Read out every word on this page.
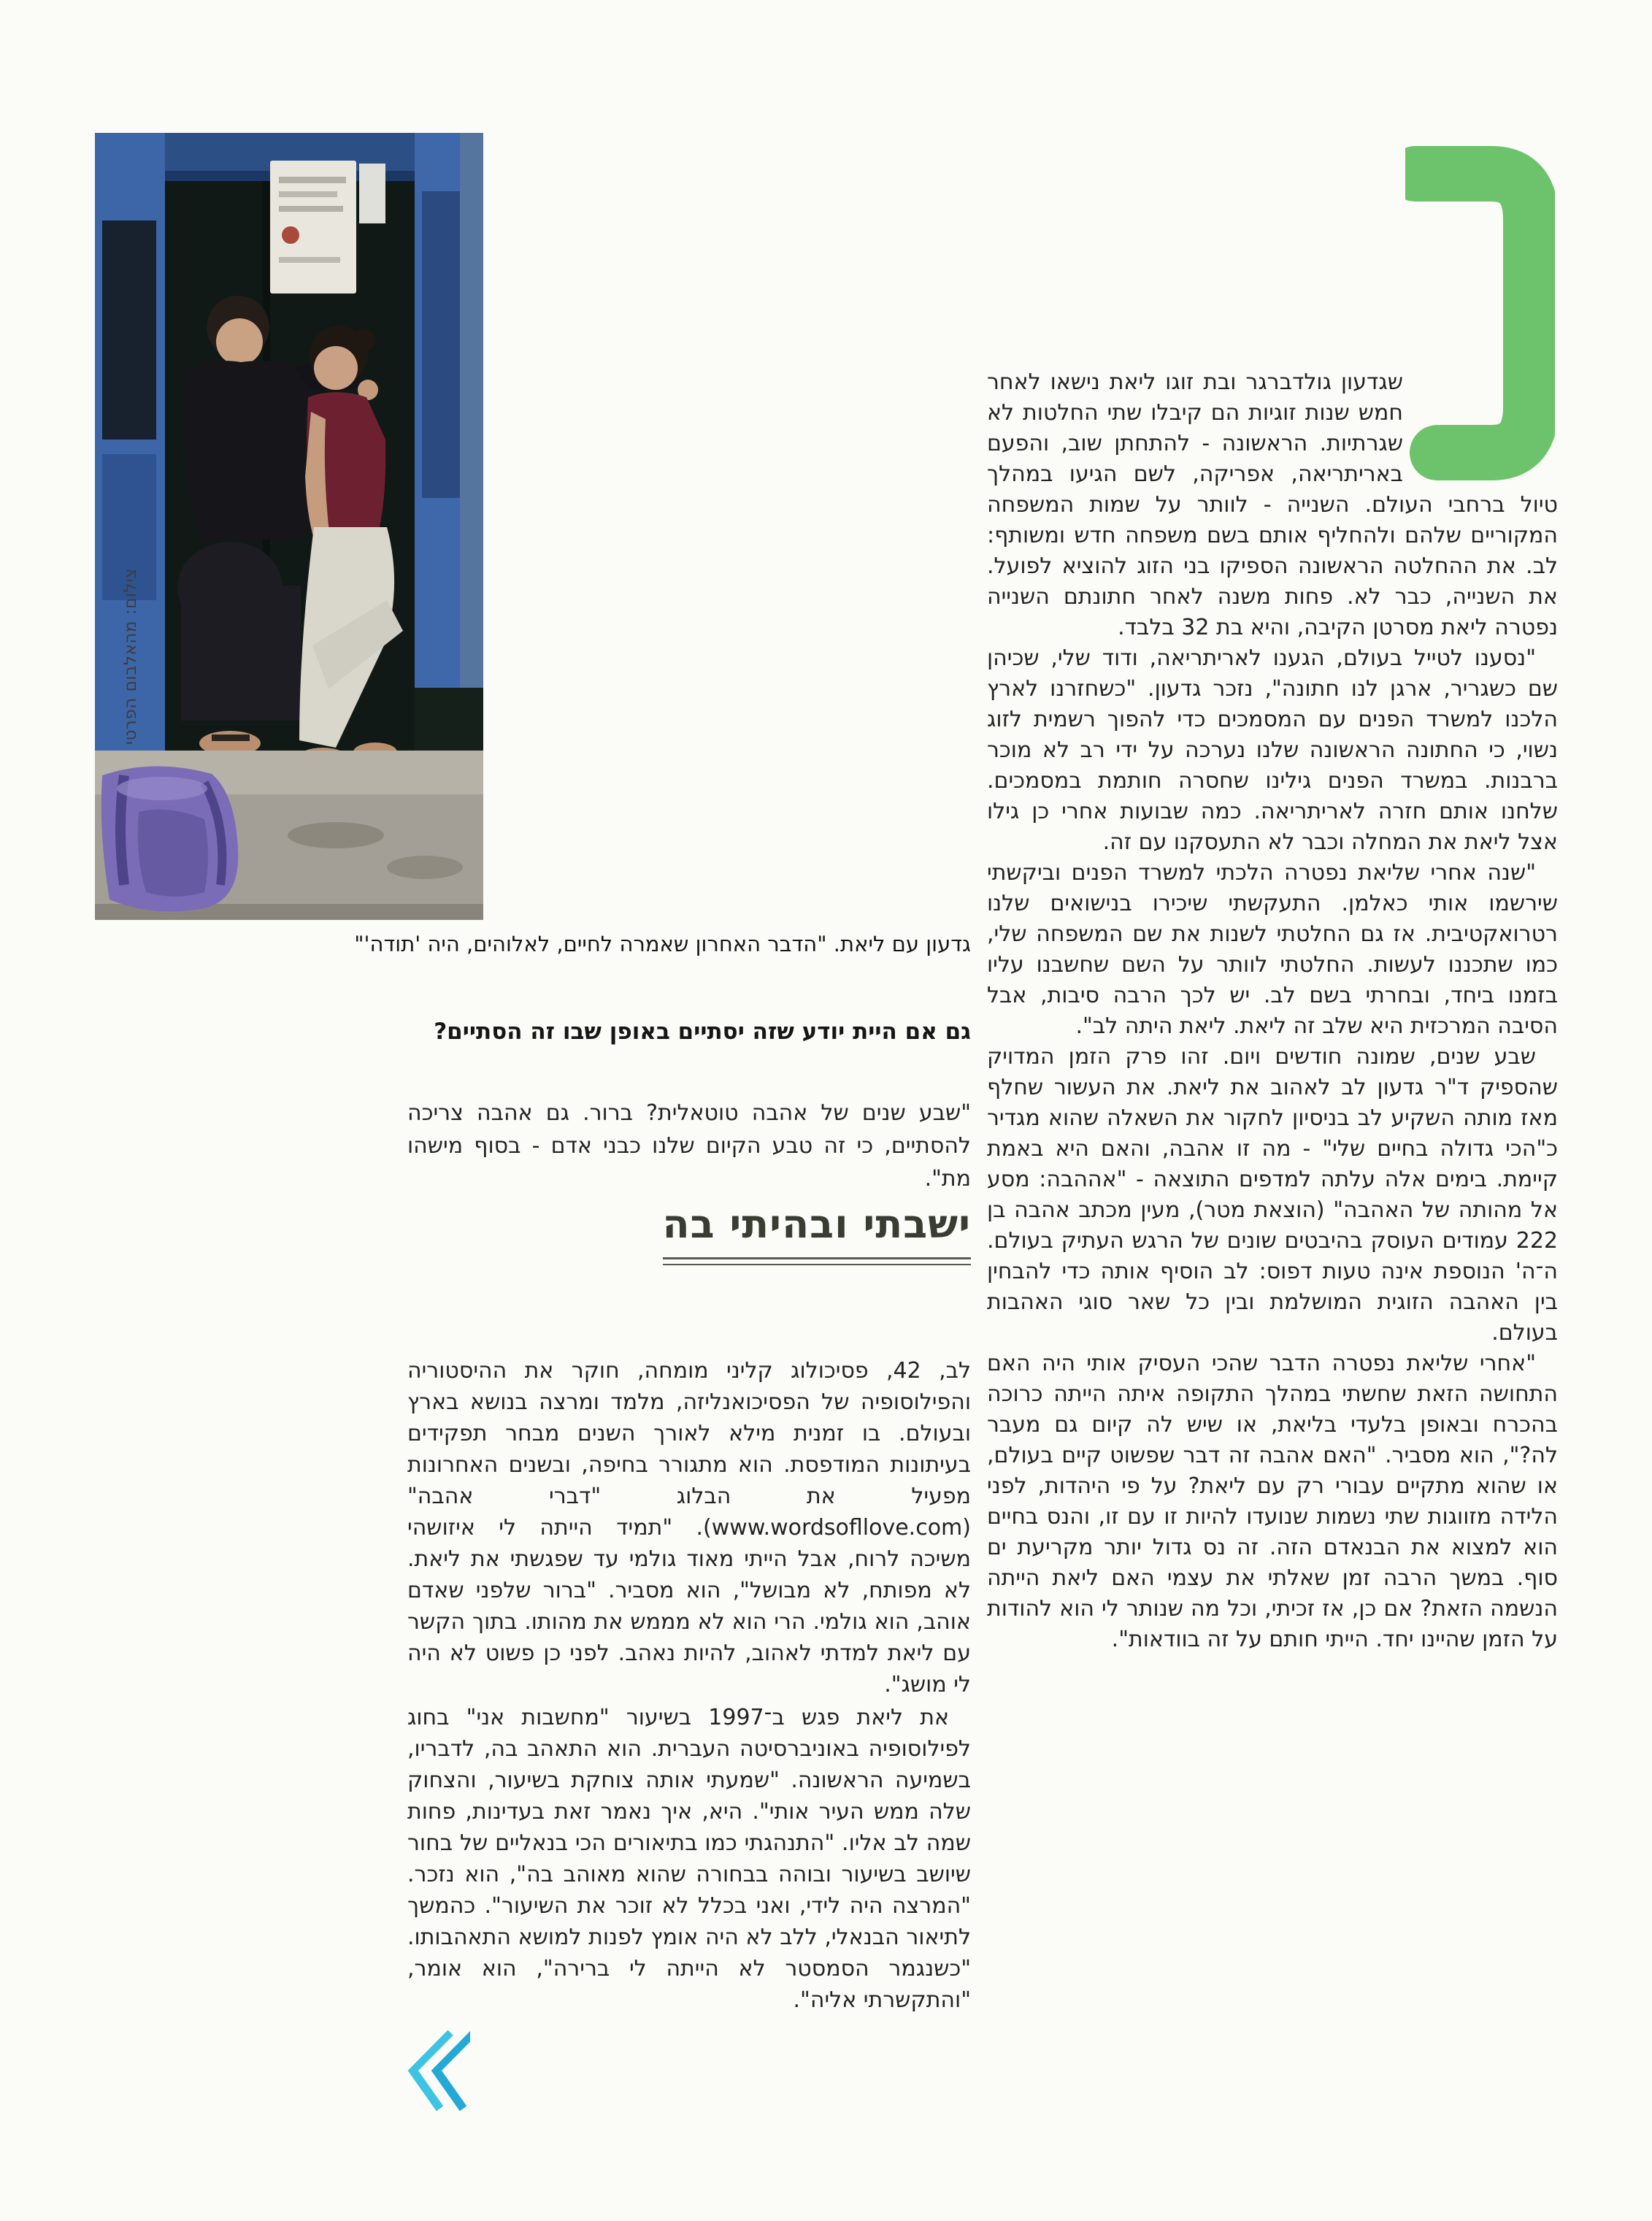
צילום: מהאלבום הפרטי
גדעון עם ליאת. "הדבר האחרון שאמרה לחיים, לאלוהים, היה 'תודה'"

שגדעון גולדברגר ובת זוגו ליאת נישאו לאחר חמש שנות זוגיות הם קיבלו שתי החלטות לא שגרתיות. הראשונה - להתחתן שוב, והפעם באריתריאה, אפריקה, לשם הגיעו במהלך טיול ברחבי העולם. השנייה - לוותר על שמות המשפחה המקוריים שלהם ולהחליף אותם בשם משפחה חדש ומשותף: לב. את ההחלטה הראשונה הספיקו בני הזוג להוציא לפועל. את השנייה, כבר לא. פחות משנה לאחר חתונתם השנייה נפטרה ליאת מסרטן הקיבה, והיא בת 32 בלבד.

"נסענו לטייל בעולם, הגענו לאריתריאה, ודוד שלי, שכיהן שם כשגריר, ארגן לנו חתונה", נזכר גדעון. "כשחזרנו לארץ הלכנו למשרד הפנים עם המסמכים כדי להפוך רשמית לזוג נשוי, כי החתונה הראשונה שלנו נערכה על ידי רב לא מוכר ברבנות. במשרד הפנים גילינו שחסרה חותמת במסמכים. שלחנו אותם חזרה לאריתריאה. כמה שבועות אחרי כן גילו אצל ליאת את המחלה וכבר לא התעסקנו עם זה.

"שנה אחרי שליאת נפטרה הלכתי למשרד הפנים וביקשתי שירשמו אותי כאלמן. התעקשתי שיכירו בנישואים שלנו רטרואקטיבית. אז גם החלטתי לשנות את שם המשפחה שלי, כמו שתכננו לעשות. החלטתי לוותר על השם שחשבנו עליו בזמנו ביחד, ובחרתי בשם לב. יש לכך הרבה סיבות, אבל הסיבה המרכזית היא שלב זה ליאת. ליאת היתה לב".

שבע שנים, שמונה חודשים ויום. זהו פרק הזמן המדויק שהספיק ד"ר גדעון לב לאהוב את ליאת. את העשור שחלף מאז מותה השקיע לב בניסיון לחקור את השאלה שהוא מגדיר כ"הכי גדולה בחיים שלי" - מה זו אהבה, והאם היא באמת קיימת. בימים אלה עלתה למדפים התוצאה - "אההבה: מסע אל מהותה של האהבה" (הוצאת מטר), מעין מכתב אהבה בן 222 עמודים העוסק בהיבטים שונים של הרגש העתיק בעולם. ה־ה' הנוספת אינה טעות דפוס: לב הוסיף אותה כדי להבחין בין האהבה הזוגית המושלמת ובין כל שאר סוגי האהבות בעולם.

"אחרי שליאת נפטרה הדבר שהכי העסיק אותי היה האם התחושה הזאת שחשתי במהלך התקופה איתה הייתה כרוכה בהכרח ובאופן בלעדי בליאת, או שיש לה קיום גם מעבר לה?", הוא מסביר. "האם אהבה זה דבר שפשוט קיים בעולם, או שהוא מתקיים עבורי רק עם ליאת? על פי היהדות, לפני הלידה מזווגות שתי נשמות שנועדו להיות זו עם זו, והנס בחיים הוא למצוא את הבנאדם הזה. זה נס גדול יותר מקריעת ים סוף. במשך הרבה זמן שאלתי את עצמי האם ליאת הייתה הנשמה הזאת? אם כן, אז זכיתי, וכל מה שנותר לי הוא להודות על הזמן שהיינו יחד. הייתי חותם על זה בוודאות".

גם אם היית יודע שזה יסתיים באופן שבו זה הסתיים?
"שבע שנים של אהבה טוטאלית? ברור. גם אהבה צריכה להסתיים, כי זה טבע הקיום שלנו כבני אדם - בסוף מישהו מת".
ישבתי ובהיתי בה

לב, 42, פסיכולוג קליני מומחה, חוקר את ההיסטוריה והפילוסופיה של הפסיכואנליזה, מלמד ומרצה בנושא בארץ ובעולם. בו זמנית מילא לאורך השנים מבחר תפקידים בעיתונות המודפסת. הוא מתגורר בחיפה, ובשנים האחרונות מפעיל את הבלוג "דברי אהבה" (www.wordsofllove.com). "תמיד הייתה לי איזושהי משיכה לרוח, אבל הייתי מאוד גולמי עד שפגשתי את ליאת. לא מפותח, לא מבושל", הוא מסביר. "ברור שלפני שאדם אוהב, הוא גולמי. הרי הוא לא מממש את מהותו. בתוך הקשר עם ליאת למדתי לאהוב, להיות נאהב. לפני כן פשוט לא היה לי מושג".

את ליאת פגש ב־1997 בשיעור "מחשבות אני" בחוג לפילוסופיה באוניברסיטה העברית. הוא התאהב בה, לדבריו, בשמיעה הראשונה. "שמעתי אותה צוחקת בשיעור, והצחוק שלה ממש העיר אותי". היא, איך נאמר זאת בעדינות, פחות שמה לב אליו. "התנהגתי כמו בתיאורים הכי בנאליים של בחור שיושב בשיעור ובוהה בבחורה שהוא מאוהב בה", הוא נזכר. "המרצה היה לידי, ואני בכלל לא זוכר את השיעור". כהמשך לתיאור הבנאלי, ללב לא היה אומץ לפנות למושא התאהבותו. "כשנגמר הסמסטר לא הייתה לי ברירה", הוא אומר, "והתקשרתי אליה".
